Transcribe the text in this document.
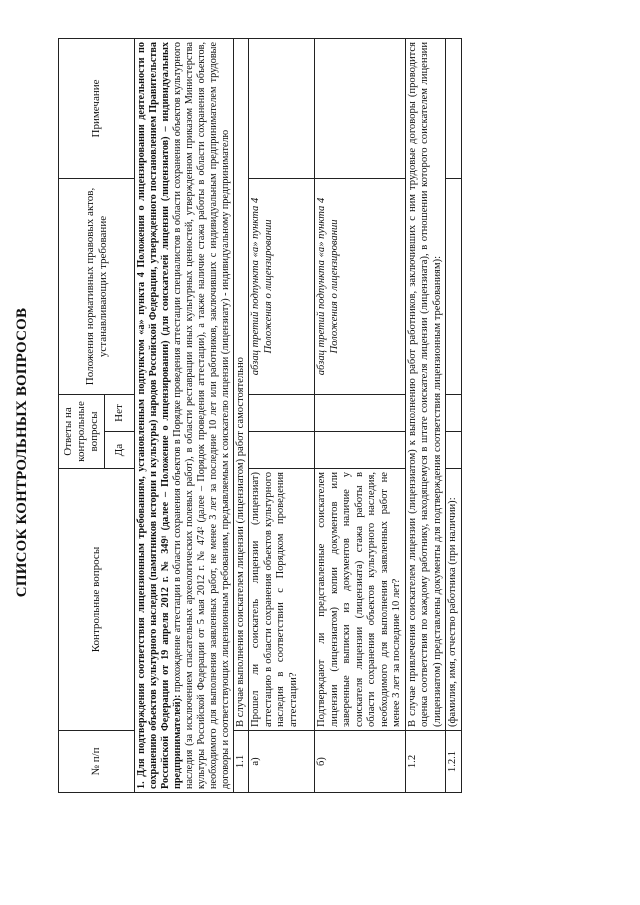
СПИСОК КОНТРОЛЬНЫХ ВОПРОСОВ
№ п/п	Контрольные вопросы	Ответы на контрольные вопросы		Положения нормативных правовых актов, устанавливающих требование	Примечание
		Да	Нет		
1. Для подтверждения соответствия лицензионным требованиям, установленным подпунктом «а» пункта 4 Положения о лицензировании деятельности по сохранению объектов культурного наследия (памятников истории и культуры) народов Российской Федерации, утвержденного постановлением Правительства Российской Федерации от 19 апреля 2012 г. № 349¹ (далее – Положение о лицензировании) (для соискателей лицензии (лицензиатов) – индивидуальных предпринимателей): прохождение аттестации в области сохранения объектов в Порядке проведения аттестации специалистов в области сохранения объектов культурного наследия (за исключением спасательных археологических полевых работ), в области реставрации иных культурных ценностей, утвержденном приказом Министерства культуры Российской Федерации от 5 мая 2012 г. № 474² (далее – Порядок проведения аттестации), а также наличие стажа работы в области сохранения объектов, необходимого для выполнения заявленных работ, не менее 3 лет за последние 10 лет или работников, заключивших с индивидуальным предпринимателем трудовые договоры и соответствующих лицензионным требованиям, предъявляемым к соискателю лицензии (лицензиату) - индивидуальному предпринимателю					
1.1	В случае выполнения соискателем лицензии (лицензиатом) работ самостоятельно				
а)	Прошел ли соискатель лицензии (лицензиат) аттестацию в области сохранения объектов культурного наследия в соответствии с Порядком проведения аттестации?			абзац третий подпункта «а» пункта 4 Положения о лицензировании	
б)	Подтверждают ли представленные соискателем лицензии (лицензиатом) копии документов или заверенные выписки из документов наличие у соискателя лицензии (лицензиата) стажа работы в области сохранения объектов культурного наследия, необходимого для выполнения заявленных работ не менее 3 лет за последние 10 лет?			абзац третий подпункта «а» пункта 4 Положения о лицензировании	
1.2	В случае привлечения соискателем лицензии (лицензиатом) к выполнению работ работников, заключивших с ним трудовые договоры (проводится оценка соответствия по каждому работнику, находящемуся в штате соискателя лицензии (лицензиата), в отношении которого соискателем лицензии (лицензиатом) представлены документы для подтверждения соответствия лицензионным требованиям):				
1.2.1	(фамилия, имя, отчество работника (при наличии):				
